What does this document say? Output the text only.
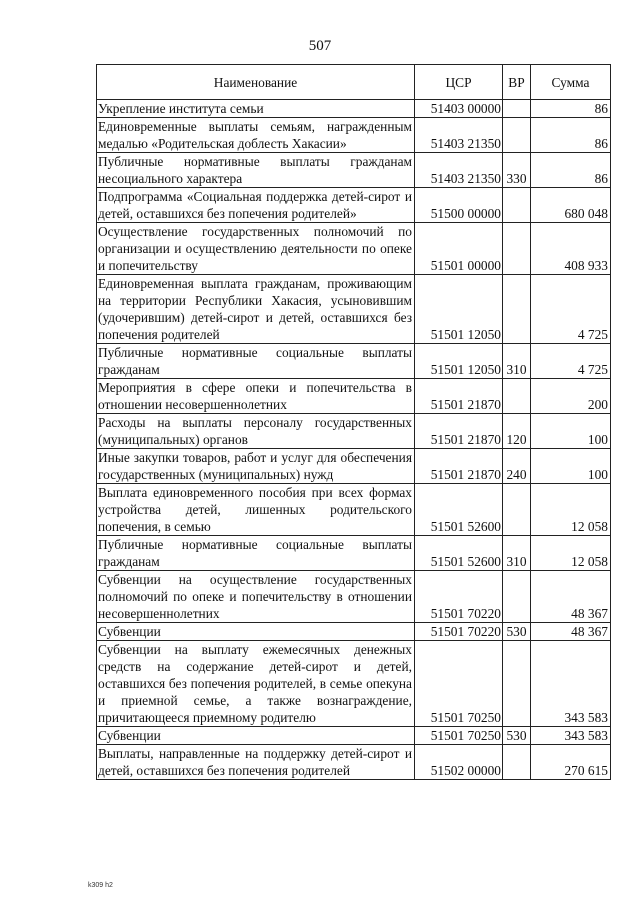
507
Наименование	ЦСР	ВР	Сумма
Укрепление института семьи	51403 00000		86
Единовременные выплаты семьям, награжденным медалью «Родительская доблесть Хакасии»	51403 21350		86
Публичные нормативные выплаты гражданам несоциального характера	51403 21350	330	86
Подпрограмма «Социальная поддержка детей-сирот и детей, оставшихся без попечения родителей»	51500 00000		680 048
Осуществление государственных полномочий по организации и осуществлению деятельности по опеке и попечительству	51501 00000		408 933
Единовременная выплата гражданам, проживающим на территории Республики Хакасия, усыновившим (удочерившим) детей-сирот и детей, оставшихся без попечения родителей	51501 12050		4 725
Публичные нормативные социальные выплаты гражданам	51501 12050	310	4 725
Мероприятия в сфере опеки и попечительства в отношении несовершеннолетних	51501 21870		200
Расходы на выплаты персоналу государственных (муниципальных) органов	51501 21870	120	100
Иные закупки товаров, работ и услуг для обеспечения государственных (муниципальных) нужд	51501 21870	240	100
Выплата единовременного пособия при всех формах устройства детей, лишенных родительского попечения, в семью	51501 52600		12 058
Публичные нормативные социальные выплаты гражданам	51501 52600	310	12 058
Субвенции на осуществление государственных полномочий по опеке и попечительству в отношении несовершеннолетних	51501 70220		48 367
Субвенции	51501 70220	530	48 367
Субвенции на выплату ежемесячных денежных средств на содержание детей-сирот и детей, оставшихся без попечения родителей, в семье опекуна и приемной семье, а также вознаграждение, причитающееся приемному родителю	51501 70250		343 583
Субвенции	51501 70250	530	343 583
Выплаты, направленные на поддержку детей-сирот и детей, оставшихся без попечения родителей	51502 00000		270 615
k309 h2
